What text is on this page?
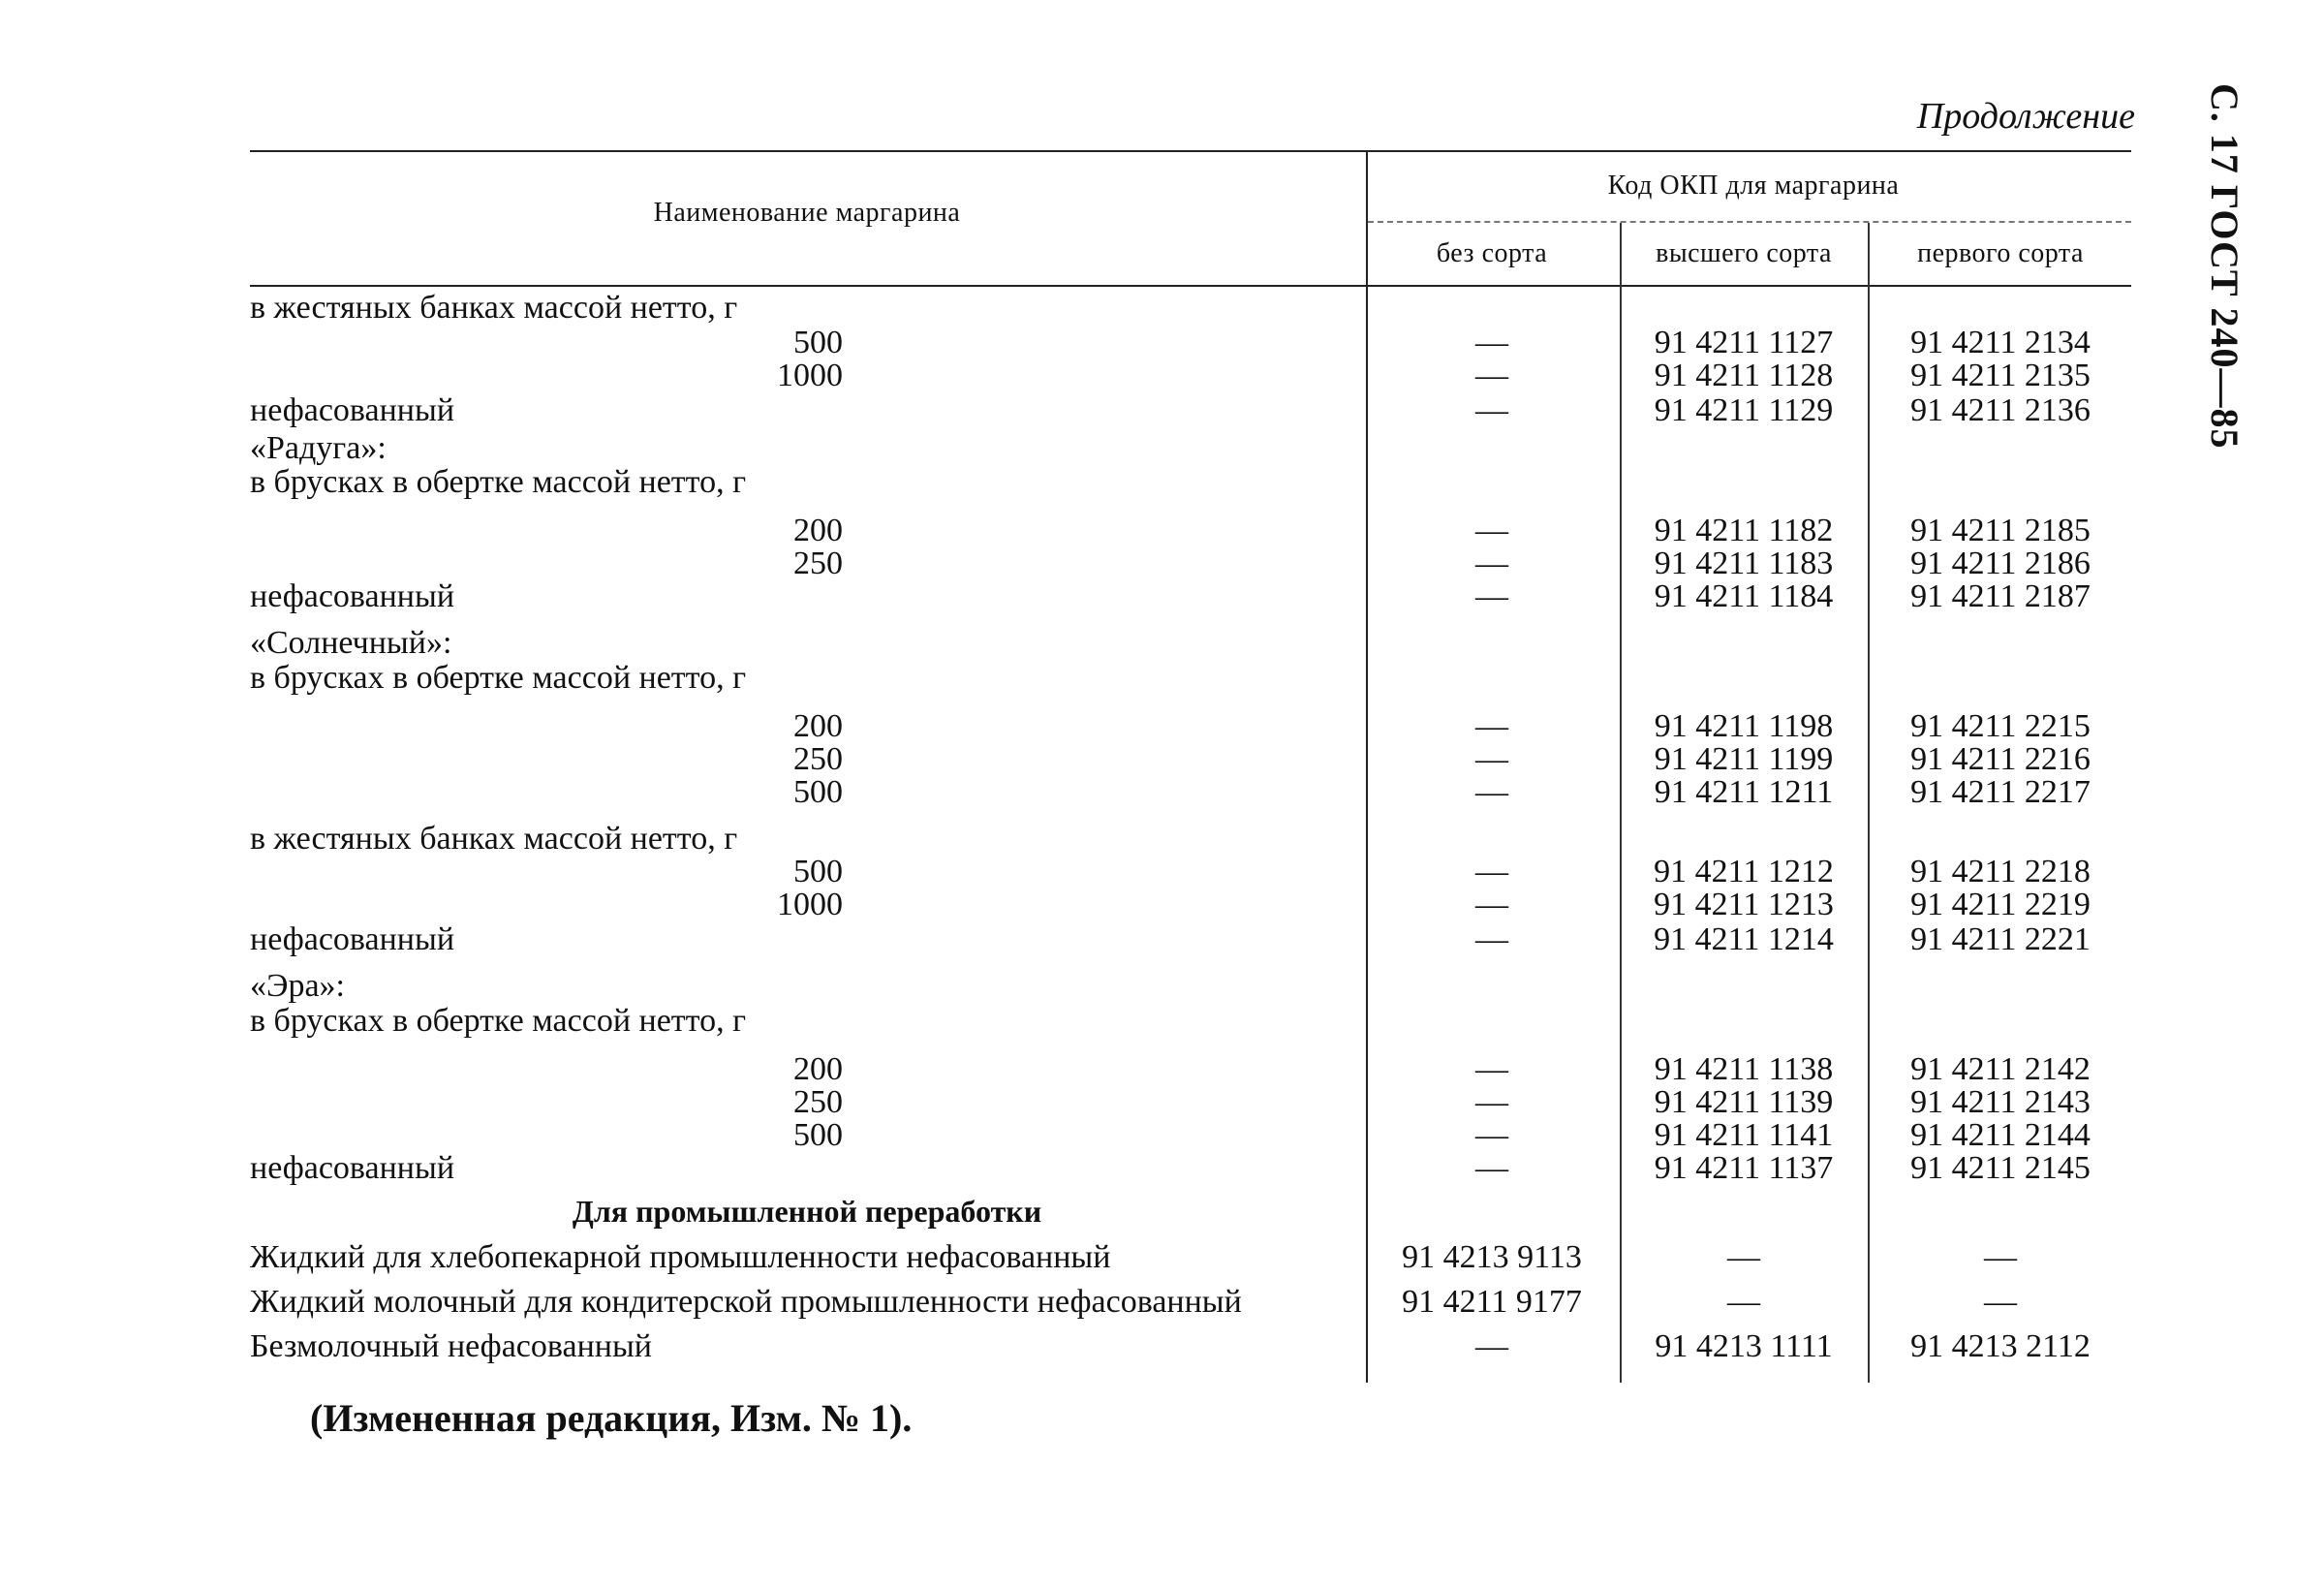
Продолжение С. 17 ГОСТ 240—85
Наименование маргарина
Код ОКП для маргарина
без сорта	высшего сорта	первого сорта
в жестяных банках массой нетто, г
500	—	91 4211 1127	91 4211 2134
1000	—	91 4211 1128	91 4211 2135
нефасованный	—	91 4211 1129	91 4211 2136
«Радуга»:
в брусках в обертке массой нетто, г
200	—	91 4211 1182	91 4211 2185
250	—	91 4211 1183	91 4211 2186
нефасованный	—	91 4211 1184	91 4211 2187
«Солнечный»:
в брусках в обертке массой нетто, г
200	—	91 4211 1198	91 4211 2215
250	—	91 4211 1199	91 4211 2216
500	—	91 4211 1211	91 4211 2217
в жестяных банках массой нетто, г
500	—	91 4211 1212	91 4211 2218
1000	—	91 4211 1213	91 4211 2219
нефасованный	—	91 4211 1214	91 4211 2221
«Эра»:
в брусках в обертке массой нетто, г
200	—	91 4211 1138	91 4211 2142
250	—	91 4211 1139	91 4211 2143
500	—	91 4211 1141	91 4211 2144
нефасованный	—	91 4211 1137	91 4211 2145
Для промышленной переработки
Жидкий для хлебопекарной промышленности нефасованный	91 4213 9113	—	—
Жидкий молочный для кондитерской промышленности нефасованный	91 4211 9177	—	—
Безмолочный нефасованный	—	91 4213 1111	91 4213 2112
(Измененная редакция, Изм. № 1).
